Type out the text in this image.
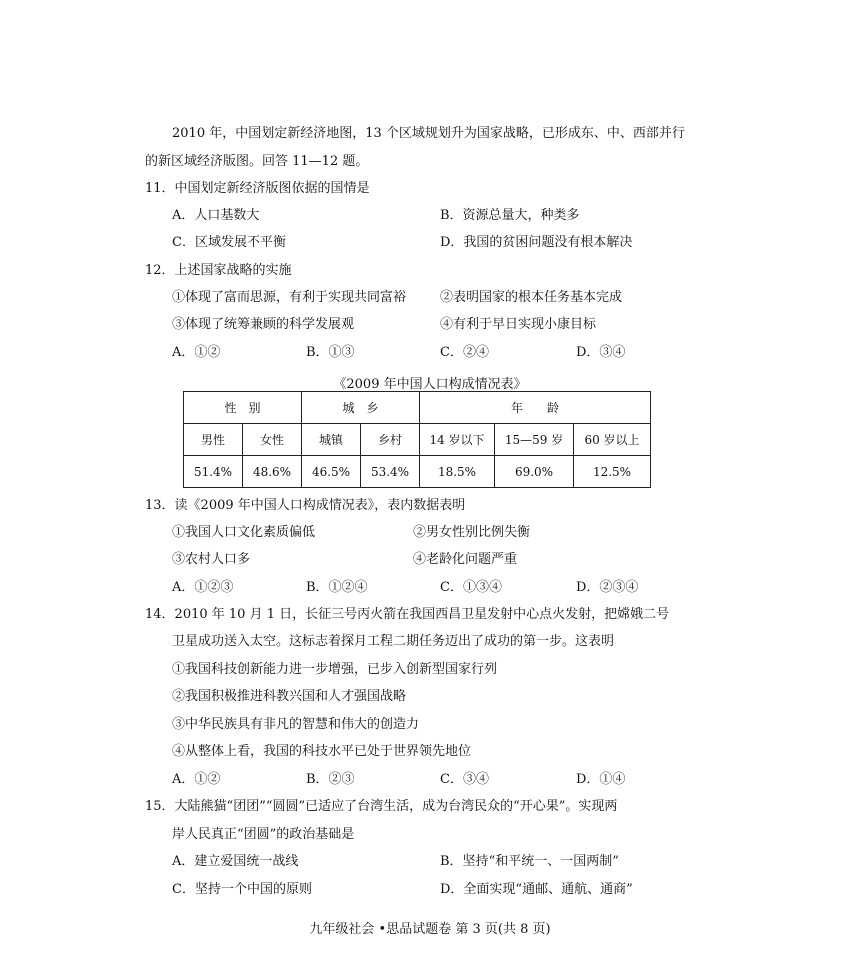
2010 年，中国划定新经济地图，13 个区域规划升为国家战略，已形成东、中、西部并行
的新区域经济版图。回答 11—12 题。
11．中国划定新经济版图依据的国情是
A．人口基数大	B．资源总量大，种类多
C．区域发展不平衡	D．我国的贫困问题没有根本解决
12．上述国家战略的实施
①体现了富而思源，有利于实现共同富裕	②表明国家的根本任务基本完成
③体现了统筹兼顾的科学发展观	④有利于早日实现小康目标
A．①②	B．①③	C．②④	D．③④
《2009 年中国人口构成情况表》
性　别		城　乡		年　　龄		
男性	女性	城镇	乡村	14 岁以下	15—59 岁	60 岁以上
51.4%	48.6%	46.5%	53.4%	18.5%	69.0%	12.5%
13．读《2009 年中国人口构成情况表》，表内数据表明
①我国人口文化素质偏低	②男女性别比例失衡
③农村人口多	④老龄化问题严重
A．①②③	B．①②④	C．①③④	D．②③④
14．2010 年 10 月 1 日，长征三号丙火箭在我国西昌卫星发射中心点火发射，把嫦娥二号
卫星成功送入太空。这标志着探月工程二期任务迈出了成功的第一步。这表明
①我国科技创新能力进一步增强，已步入创新型国家行列
②我国积极推进科教兴国和人才强国战略
③中华民族具有非凡的智慧和伟大的创造力
④从整体上看，我国的科技水平已处于世界领先地位
A．①②	B．②③	C．③④	D．①④
15．大陆熊猫“团团”“圆圆”已适应了台湾生活，成为台湾民众的“开心果”。实现两
岸人民真正“团圆”的政治基础是
A．建立爱国统一战线	B．坚持“和平统一、一国两制”
C．坚持一个中国的原则	D．全面实现“通邮、通航、通商”
九年级社会 •思品试题卷 第 3 页(共 8 页)
